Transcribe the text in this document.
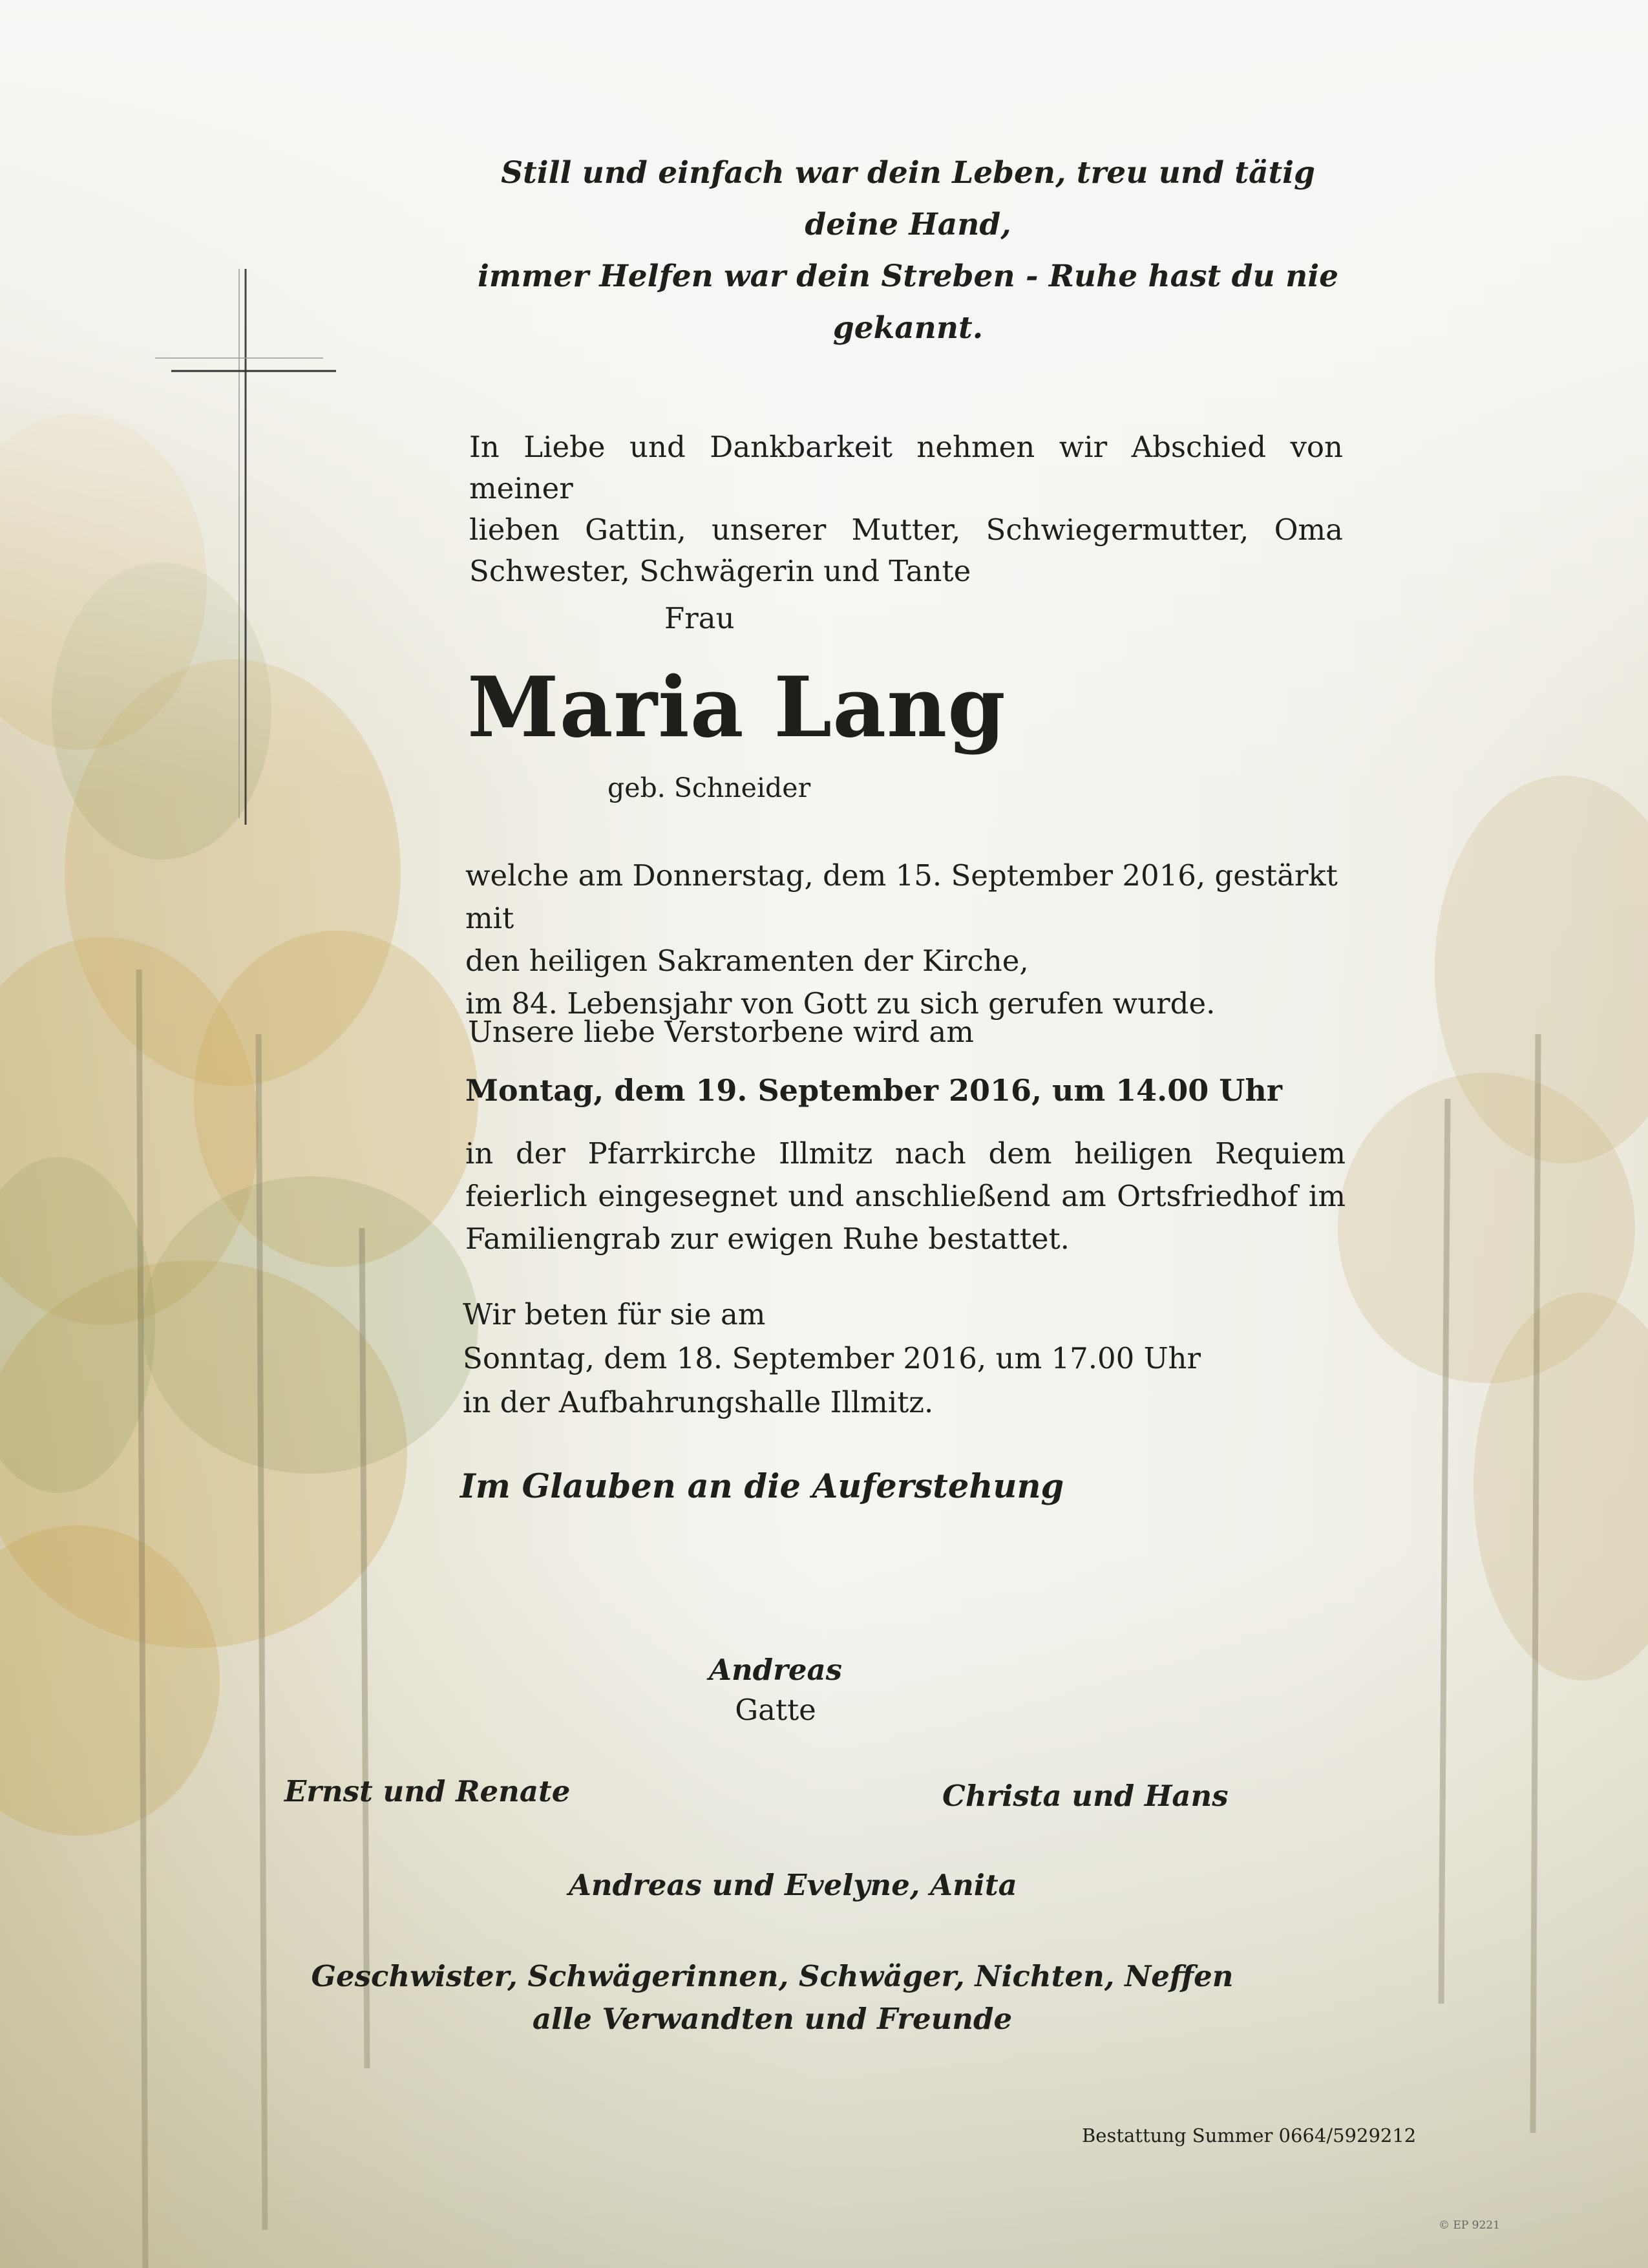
Still und einfach war dein Leben, treu und tätig deine Hand,
immer Helfen war dein Streben - Ruhe hast du nie gekannt.
In Liebe und Dankbarkeit nehmen wir Abschied von meiner
lieben Gattin, unserer Mutter, Schwiegermutter, Oma
Schwester, Schwägerin und Tante
Frau
Maria Lang
geb. Schneider
welche am Donnerstag, dem 15. September 2016, gestärkt mit
den heiligen Sakramenten der Kirche,
im 84. Lebensjahr von Gott zu sich gerufen wurde.
Unsere liebe Verstorbene wird am
Montag, dem 19. September 2016, um 14.00 Uhr
in der Pfarrkirche Illmitz nach dem heiligen Requiem
feierlich eingesegnet und anschließend am Ortsfriedhof im
Familiengrab zur ewigen Ruhe bestattet.
Wir beten für sie am
Sonntag, dem 18. September 2016, um 17.00 Uhr
in der Aufbahrungshalle Illmitz.
Im Glauben an die Auferstehung
Andreas
Gatte
Ernst und Renate	Christa und Hans
Andreas und Evelyne, Anita
Geschwister, Schwägerinnen, Schwäger, Nichten, Neffen
alle Verwandten und Freunde
Bestattung Summer 0664/5929212
© EP 9221
